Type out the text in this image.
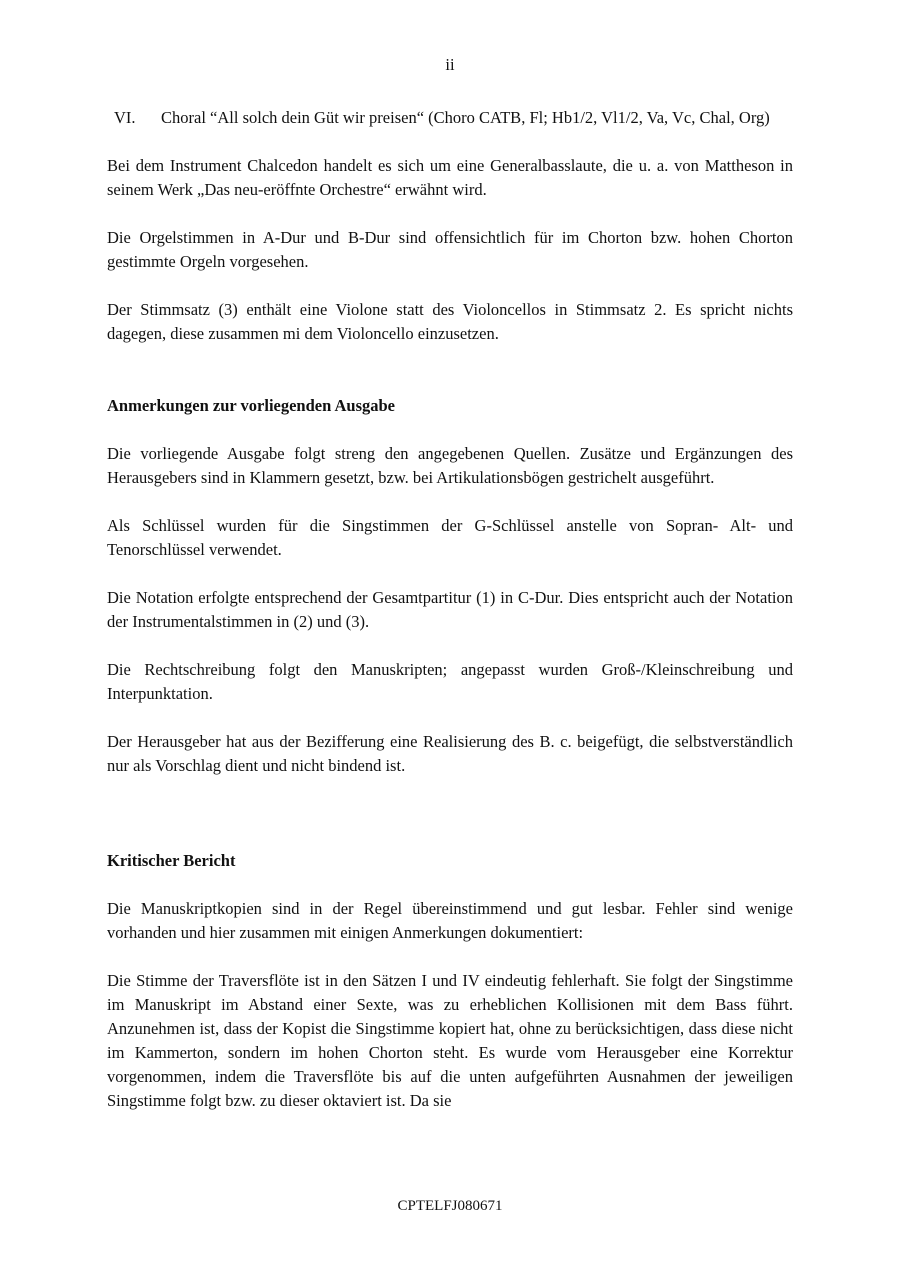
ii
VI.	Choral “All solch dein Güt wir preisen“ (Choro CATB, Fl; Hb1/2, Vl1/2, Va, Vc, Chal, Org)

Bei dem Instrument Chalcedon handelt es sich um eine Generalbasslaute, die u. a. von Mattheson in seinem Werk „Das neu-eröffnte Orchestre“ erwähnt wird.

Die Orgelstimmen in A-Dur und B-Dur sind offensichtlich für im Chorton bzw. hohen Chorton gestimmte Orgeln vorgesehen.

Der Stimmsatz (3) enthält eine Violone statt des Violoncellos in Stimmsatz 2. Es spricht nichts dagegen, diese zusammen mi dem Violoncello einzusetzen.

Anmerkungen zur vorliegenden Ausgabe

Die vorliegende Ausgabe folgt streng den angegebenen Quellen. Zusätze und Ergänzungen des Herausgebers sind in Klammern gesetzt, bzw. bei Artikulationsbögen gestrichelt ausgeführt.

Als Schlüssel wurden für die Singstimmen der G-Schlüssel anstelle von Sopran- Alt- und Tenorschlüssel verwendet.

Die Notation erfolgte entsprechend der Gesamtpartitur (1) in C-Dur. Dies entspricht auch der Notation der Instrumentalstimmen in (2) und (3).

Die Rechtschreibung folgt den Manuskripten; angepasst wurden Groß-/Kleinschreibung und Interpunktation.

Der Herausgeber hat aus der Bezifferung eine Realisierung des B. c. beigefügt, die selbstverständlich nur als Vorschlag dient und nicht bindend ist.

Kritischer Bericht

Die Manuskriptkopien sind in der Regel übereinstimmend und gut lesbar. Fehler sind wenige vorhanden und hier zusammen mit einigen Anmerkungen dokumentiert:

Die Stimme der Traversflöte ist in den Sätzen I und IV eindeutig fehlerhaft. Sie folgt der Singstimme im Manuskript im Abstand einer Sexte, was zu erheblichen Kollisionen mit dem Bass führt. Anzunehmen ist, dass der Kopist die Singstimme kopiert hat, ohne zu berücksichtigen, dass diese nicht im Kammerton, sondern im hohen Chorton steht. Es wurde vom Herausgeber eine Korrektur vorgenommen, indem die Traversflöte bis auf die unten aufgeführten Ausnahmen der jeweiligen Singstimme folgt bzw. zu dieser oktaviert ist. Da sie

CPTELFJ080671
